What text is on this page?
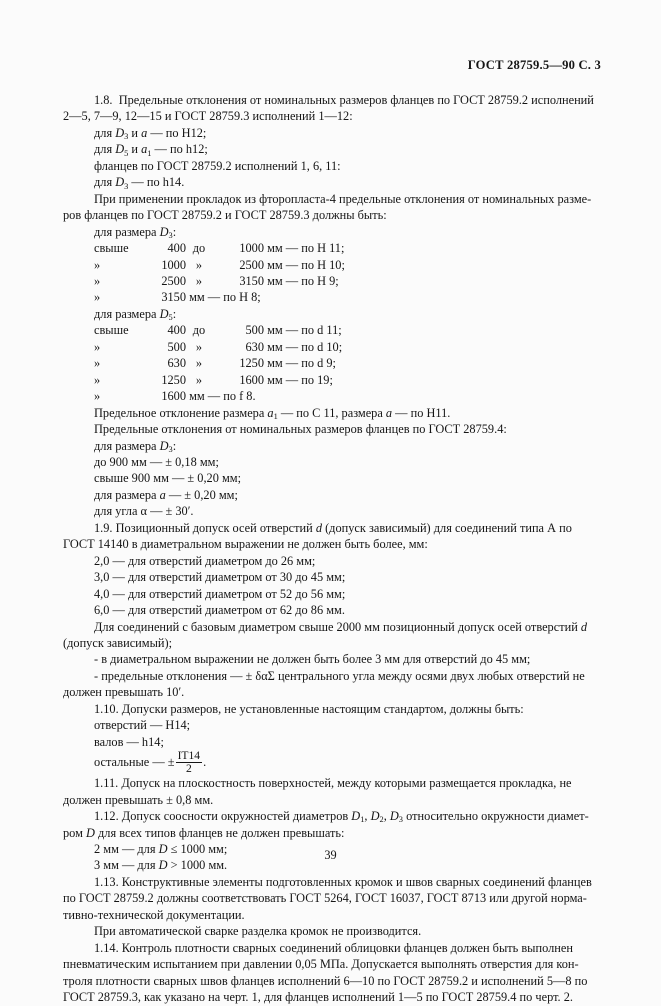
ГОСТ 28759.5—90 С. 3

1.8. Предельные отклонения от номинальных размеров фланцев по ГОСТ 28759.2 исполнений

2—5, 7—9, 12—15 и ГОСТ 28759.3 исполнений 1—12:

для $D_3$ и a — по H12;

для $D_5$ и $a_1$ — по h12;

фланцев по ГОСТ 28759.2 исполнений 1, 6, 11:

для $D_3$ — по h14.

При применении прокладок из фторопласта-4 предельные отклонения от номинальных разме-

ров фланцев по ГОСТ 28759.2 и ГОСТ 28759.3 должны быть:

для размера $D_3$:

свыше	400 до	1000 мм — по H 11;

»	1000 »	2500 мм — по H 10;

»	2500 »	3150 мм — по H 9;

»	3150 мм — по H 8;

для размера $D_5$:

свыше	400 до	500 мм — по d 11;

»	500 »	630 мм — по d 10;

»	630 »	1250 мм — по d 9;

»	1250 »	1600 мм — по 19;

»	1600 мм — по f 8.

Предельное отклонение размера $a_1$ — по C 11, размера a — по H11.

Предельные отклонения от номинальных размеров фланцев по ГОСТ 28759.4:

для размера $D_3$:

до 900 мм — ± 0,18 мм;

свыше 900 мм — ± 0,20 мм;

для размера a — ± 0,20 мм;

для угла α — ± 30′.

1.9. Позиционный допуск осей отверстий d (допуск зависимый) для соединений типа А по

ГОСТ 14140 в диаметральном выражении не должен быть более, мм:

2,0 — для отверстий диаметром до 26 мм;

3,0 — для отверстий диаметром от 30 до 45 мм;

4,0 — для отверстий диаметром от 52 до 56 мм;

6,0 — для отверстий диаметром от 62 до 86 мм.

Для соединений с базовым диаметром свыше 2000 мм позиционный допуск осей отверстий d

(допуск зависимый);

- в диаметральном выражении не должен быть более 3 мм для отверстий до 45 мм;

- предельные отклонения — ± δαΣ центрального угла между осями двух любых отверстий не

должен превышать 10′.

1.10. Допуски размеров, не установленные настоящим стандартом, должны быть:

отверстий — Н14;

валов — h14;

остальные — ± $\frac{IT14}{2}$ .

1.11. Допуск на плоскостность поверхностей, между которыми размещается прокладка, не

должен превышать ± 0,8 мм.

1.12. Допуск соосности окружностей диаметров $D_1$, $D_2$, $D_3$ относительно окружности диамет-

ром D для всех типов фланцев не должен превышать:

2 мм — для D ≤ 1000 мм;

3 мм — для D > 1000 мм.

1.13. Конструктивные элементы подготовленных кромок и швов сварных соединений фланцев

по ГОСТ 28759.2 должны соответствовать ГОСТ 5264, ГОСТ 16037, ГОСТ 8713 или другой норма-

тивно-технической документации.

При автоматической сварке разделка кромок не производится.

1.14. Контроль плотности сварных соединений облицовки фланцев должен быть выполнен

пневматическим испытанием при давлении 0,05 МПа. Допускается выполнять отверстия для кон-

троля плотности сварных швов фланцев исполнений 6—10 по ГОСТ 28759.2 и исполнений 5—8 по

ГОСТ 28759.3, как указано на черт. 1, для фланцев исполнений 1—5 по ГОСТ 28759.4 по черт. 2.

39
